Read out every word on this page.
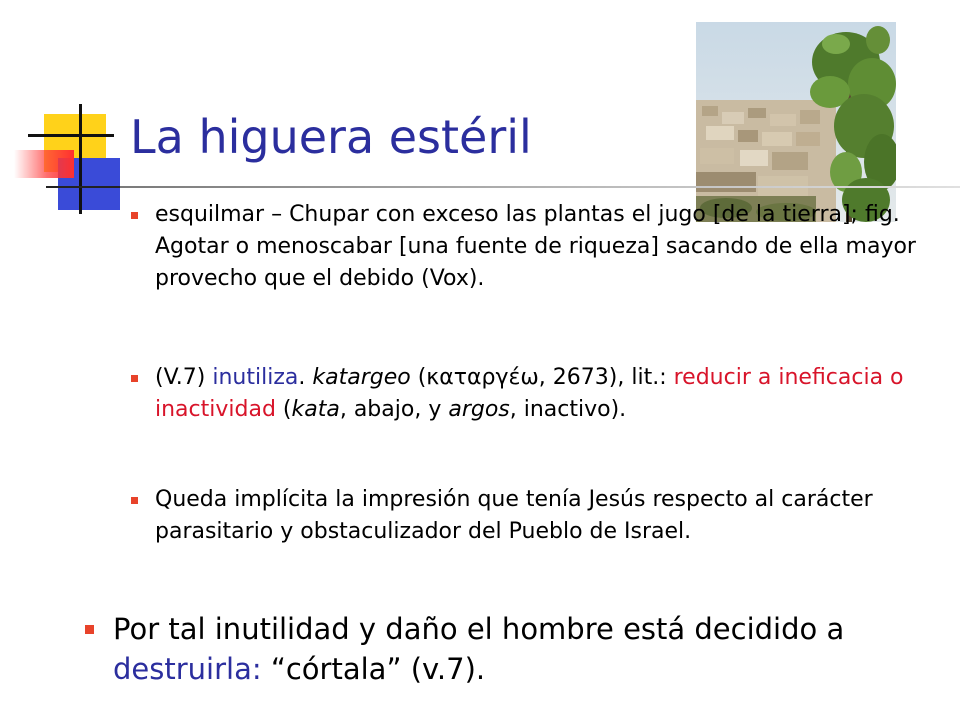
La higuera estéril
esquilmar – Chupar con exceso las plantas el jugo [de la tierra]; fig. Agotar o menoscabar [una fuente de riqueza] sacando de ella mayor provecho que el debido (Vox).
(V.7) inutiliza. katargeo (καταργέω, 2673), lit.: reducir a ineficacia o inactividad (kata, abajo, y argos, inactivo).
Queda implícita la impresión que tenía Jesús respecto al carácter parasitario y obstaculizador del Pueblo de Israel.
Por tal inutilidad y daño el hombre está decidido a destruirla: “córtala” (v.7).
